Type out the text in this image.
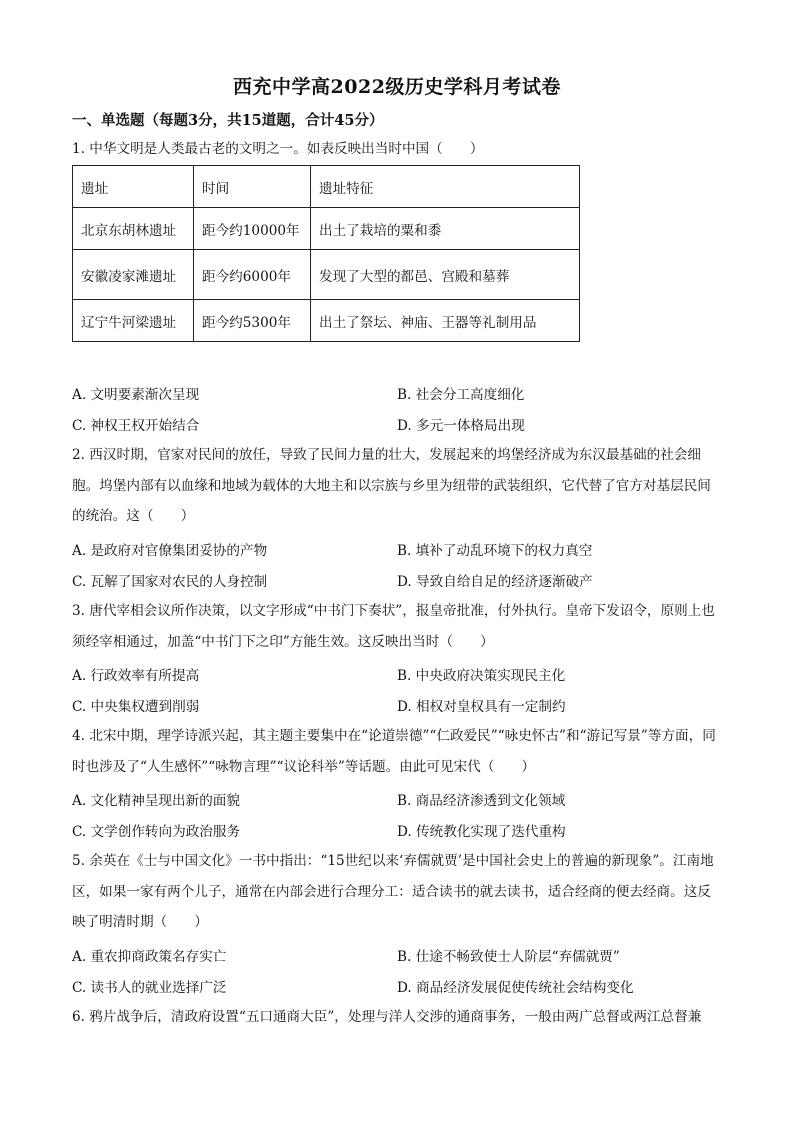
西充中学高2022级历史学科月考试卷
一、单选题（每题3分，共15道题，合计45分）
1. 中华文明是人类最古老的文明之一。如表反映出当时中国（　　）
遗址	时间	遗址特征
北京东胡林遗址	距今约10000年	出土了栽培的粟和黍
安徽凌家滩遗址	距今约6000年	发现了大型的都邑、宫殿和墓葬
辽宁牛河梁遗址	距今约5300年	出土了祭坛、神庙、王器等礼制用品
A. 文明要素渐次呈现	B. 社会分工高度细化
C. 神权王权开始结合	D. 多元一体格局出现
2. 西汉时期，官家对民间的放任，导致了民间力量的壮大，发展起来的坞堡经济成为东汉最基础的社会细胞。坞堡内部有以血缘和地域为载体的大地主和以宗族与乡里为纽带的武装组织，它代替了官方对基层民间的统治。这（　　）
A. 是政府对官僚集团妥协的产物	B. 填补了动乱环境下的权力真空
C. 瓦解了国家对农民的人身控制	D. 导致自给自足的经济逐渐破产
3. 唐代宰相会议所作决策，以文字形成“中书门下奏状”，报皇帝批准，付外执行。皇帝下发诏令，原则上也须经宰相通过，加盖“中书门下之印”方能生效。这反映出当时（　　）
A. 行政效率有所提高	B. 中央政府决策实现民主化
C. 中央集权遭到削弱	D. 相权对皇权具有一定制约
4. 北宋中期，理学诗派兴起，其主题主要集中在“论道崇德”“仁政爱民”“咏史怀古”和“游记写景”等方面，同时也涉及了“人生感怀”“咏物言理”“议论科举”等话题。由此可见宋代（　　）
A. 文化精神呈现出新的面貌	B. 商品经济渗透到文化领域
C. 文学创作转向为政治服务	D. 传统教化实现了迭代重构
5. 余英在《士与中国文化》一书中指出：“15世纪以来‘弃儒就贾’是中国社会史上的普遍的新现象”。江南地区，如果一家有两个儿子，通常在内部会进行合理分工：适合读书的就去读书，适合经商的便去经商。这反映了明清时期（　　）
A. 重农抑商政策名存实亡	B. 仕途不畅致使士人阶层“弃儒就贾”
C. 读书人的就业选择广泛	D. 商品经济发展促使传统社会结构变化
6. 鸦片战争后，清政府设置“五口通商大臣”，处理与洋人交涉的通商事务，一般由两广总督或两江总督兼
